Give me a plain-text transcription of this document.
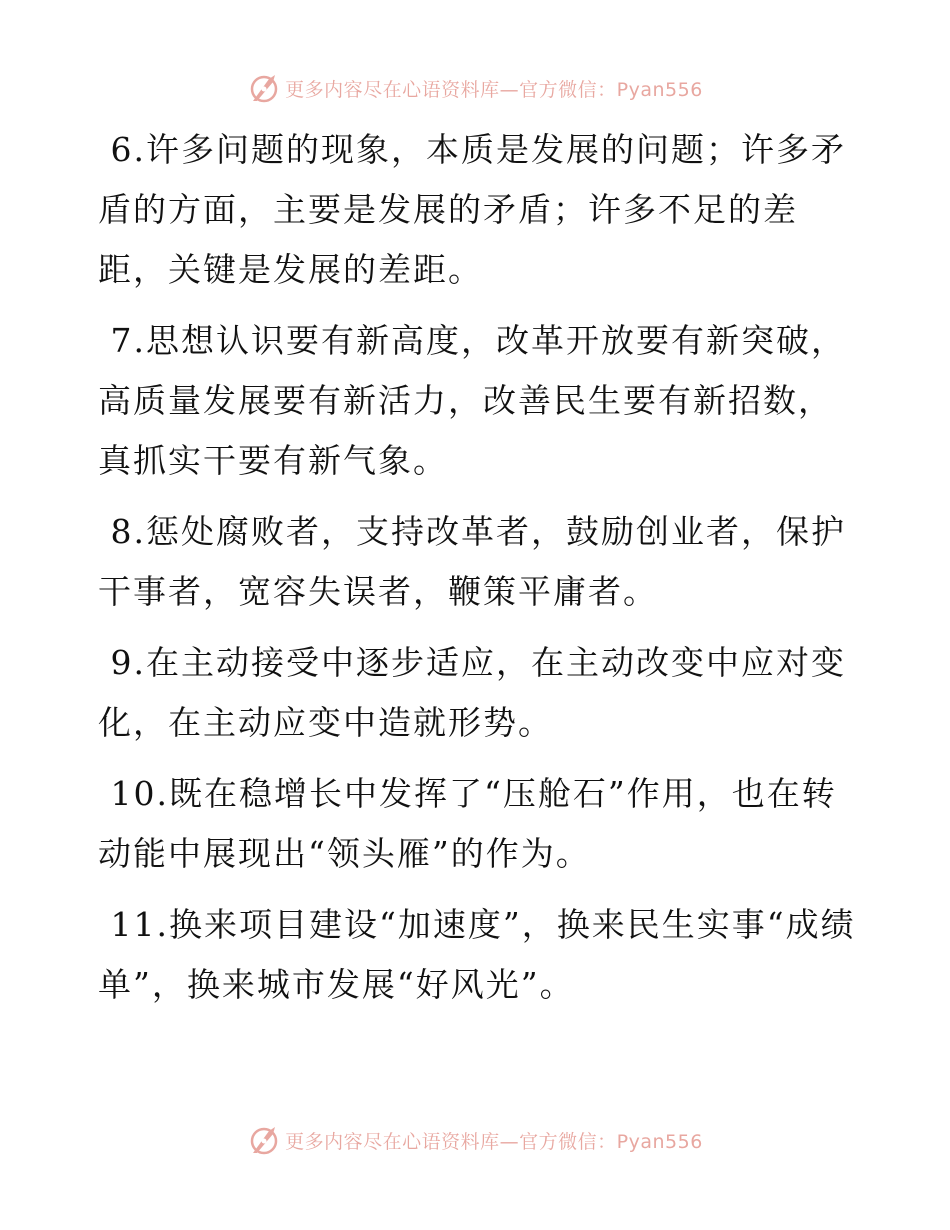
更多内容尽在心语资料库—官方微信：Pyan556

6.许多问题的现象，本质是发展的问题；许多矛盾的方面，主要是发展的矛盾；许多不足的差距，关键是发展的差距。

7.思想认识要有新高度，改革开放要有新突破，高质量发展要有新活力，改善民生要有新招数，真抓实干要有新气象。

8.惩处腐败者，支持改革者，鼓励创业者，保护干事者，宽容失误者，鞭策平庸者。

9.在主动接受中逐步适应，在主动改变中应对变化，在主动应变中造就形势。

10.既在稳增长中发挥了“压舱石”作用，也在转动能中展现出“领头雁”的作为。

11.换来项目建设“加速度”，换来民生实事“成绩单”，换来城市发展“好风光”。

更多内容尽在心语资料库—官方微信：Pyan556
